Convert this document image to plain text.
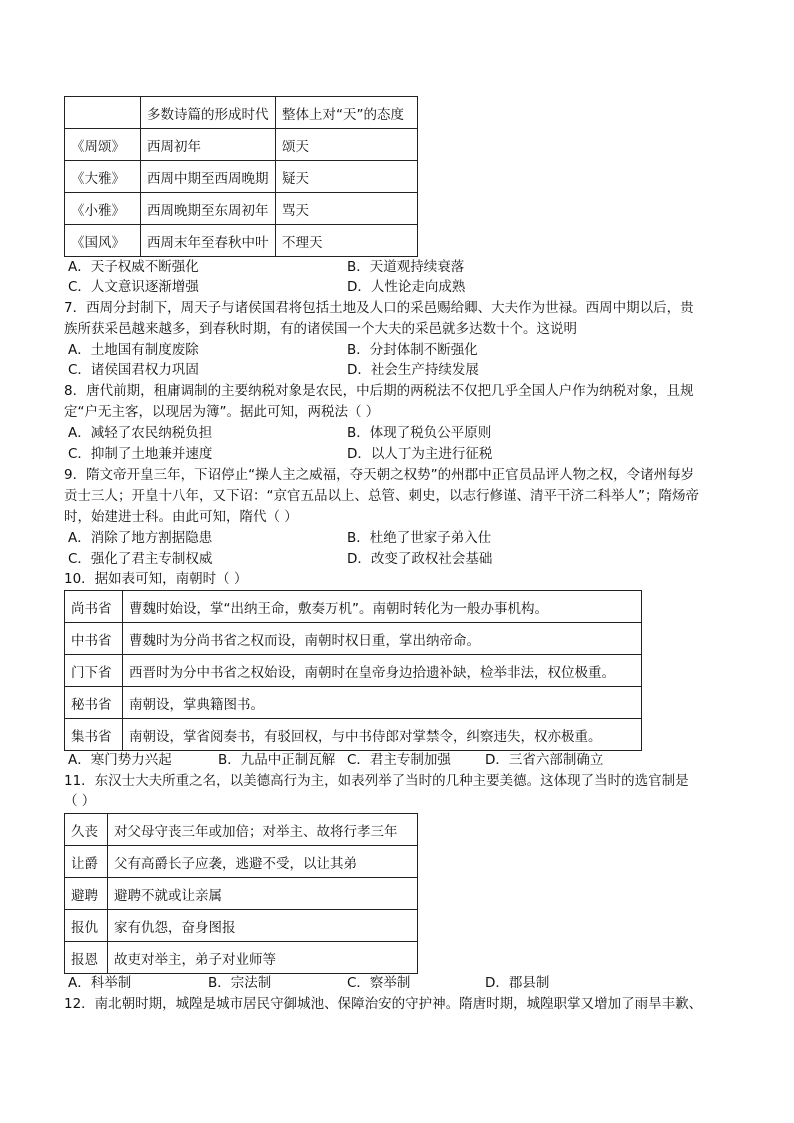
	多数诗篇的形成时代	整体上对“天”的态度
《周颂》	西周初年	颂天
《大雅》	西周中期至西周晚期	疑天
《小雅》	西周晚期至东周初年	骂天
《国风》	西周末年至春秋中叶	不理天
A．天子权威不断强化	B．天道观持续衰落
C．人文意识逐渐增强	D．人性论走向成熟
7．西周分封制下，周天子与诸侯国君将包括土地及人口的采邑赐给卿、大夫作为世禄。西周中期以后，贵
族所获采邑越来越多，到春秋时期，有的诸侯国一个大夫的采邑就多达数十个。这说明
A．土地国有制度废除	B．分封体制不断强化
C．诸侯国君权力巩固	D．社会生产持续发展
8．唐代前期，租庸调制的主要纳税对象是农民，中后期的两税法不仅把几乎全国人户作为纳税对象，且规
定“户无主客，以现居为簿”。据此可知，两税法（ ）
A．减轻了农民纳税负担	B．体现了税负公平原则
C．抑制了土地兼并速度	D．以人丁为主进行征税
9．隋文帝开皇三年，下诏停止“操人主之威福，夺天朝之权势”的州郡中正官员品评人物之权，令诸州每岁
贡士三人；开皇十八年，又下诏：“京官五品以上、总管、刺史，以志行修谨、清平干济二科举人”；隋炀帝
时，始建进士科。由此可知，隋代（ ）
A．消除了地方割据隐患	B．杜绝了世家子弟入仕
C．强化了君主专制权威	D．改变了政权社会基础
10．据如表可知，南朝时（ ）
尚书省	曹魏时始设，掌“出纳王命，敷奏万机”。南朝时转化为一般办事机构。
中书省	曹魏时为分尚书省之权而设，南朝时权日重，掌出纳帝命。
门下省	西晋时为分中书省之权始设，南朝时在皇帝身边拾遗补缺，检举非法，权位极重。
秘书省	南朝设，掌典籍图书。
集书省	南朝设，掌省阅奏书，有驳回权，与中书侍郎对掌禁令，纠察违失，权亦极重。
A．寒门势力兴起	B．九品中正制瓦解 C．君主专制加强	D．三省六部制确立
11．东汉士大夫所重之名，以美德高行为主，如表列举了当时的几种主要美德。这体现了当时的选官制是
（ ）
久丧	对父母守丧三年或加倍；对举主、故将行孝三年
让爵	父有高爵长子应袭，逃避不受，以让其弟
避聘	避聘不就或让亲属
报仇	家有仇怨，奋身图报
报恩	故吏对举主，弟子对业师等
A．科举制	B．宗法制	C．察举制	D．郡县制
12．南北朝时期，城隍是城市居民守御城池、保障治安的守护神。隋唐时期，城隍职掌又增加了雨旱丰歉、
